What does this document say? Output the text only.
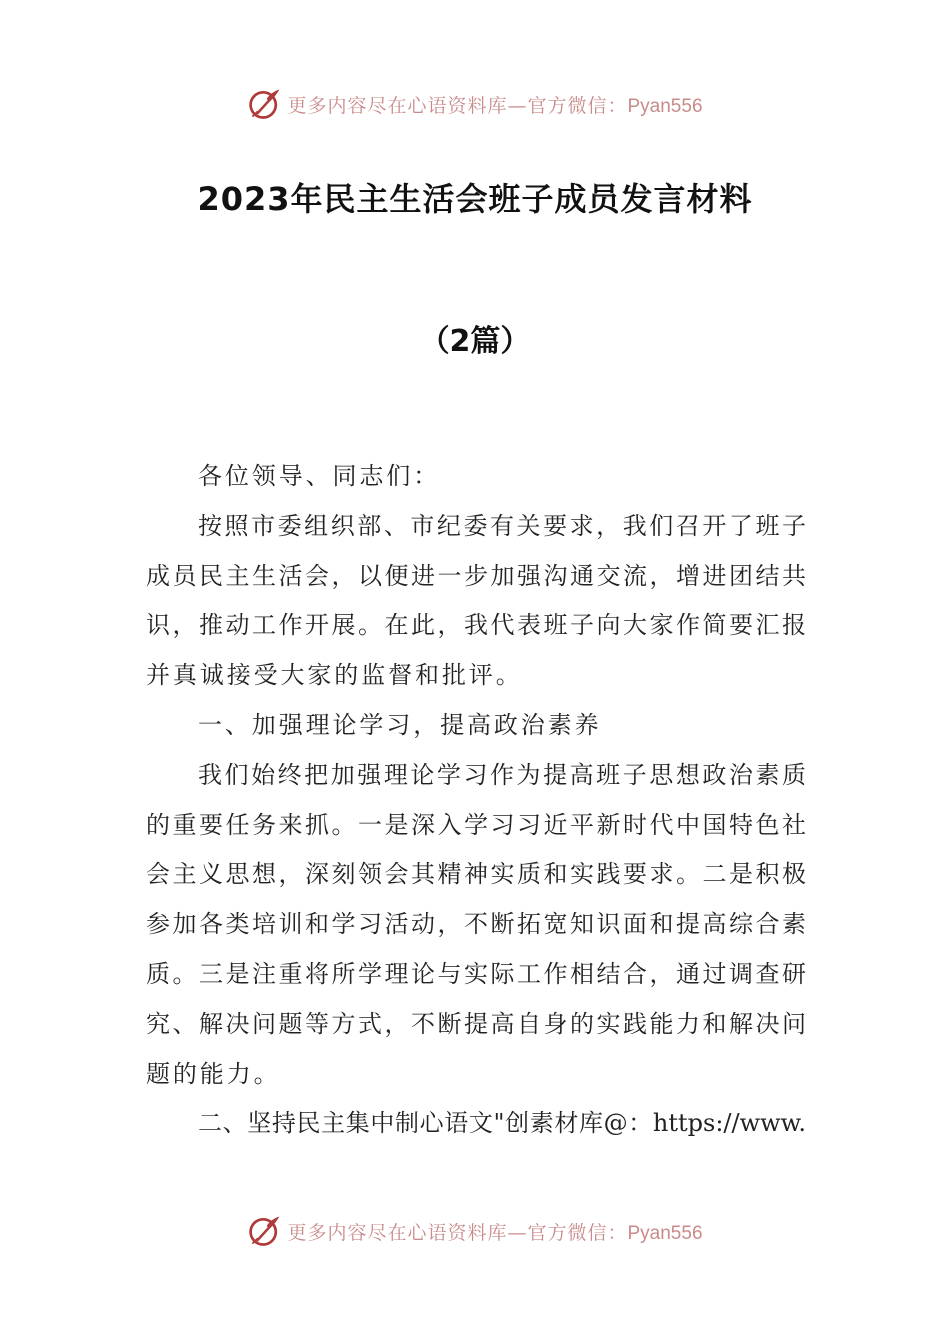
更多内容尽在心语资料库—官方微信：Pyan556
2023年民主生活会班子成员发言材料
（2篇）
各位领导、同志们：
按照市委组织部、市纪委有关要求，我们召开了班子
成员民主生活会，以便进一步加强沟通交流，增进团结共
识，推动工作开展。在此，我代表班子向大家作简要汇报
并真诚接受大家的监督和批评。
一、加强理论学习，提高政治素养
我们始终把加强理论学习作为提高班子思想政治素质
的重要任务来抓。一是深入学习习近平新时代中国特色社
会主义思想，深刻领会其精神实质和实践要求。二是积极
参加各类培训和学习活动，不断拓宽知识面和提高综合素
质。三是注重将所学理论与实际工作相结合，通过调查研
究、解决问题等方式，不断提高自身的实践能力和解决问
题的能力。
二、坚持民主集中制心语文"创素材库@：https://www.
更多内容尽在心语资料库—官方微信：Pyan556
